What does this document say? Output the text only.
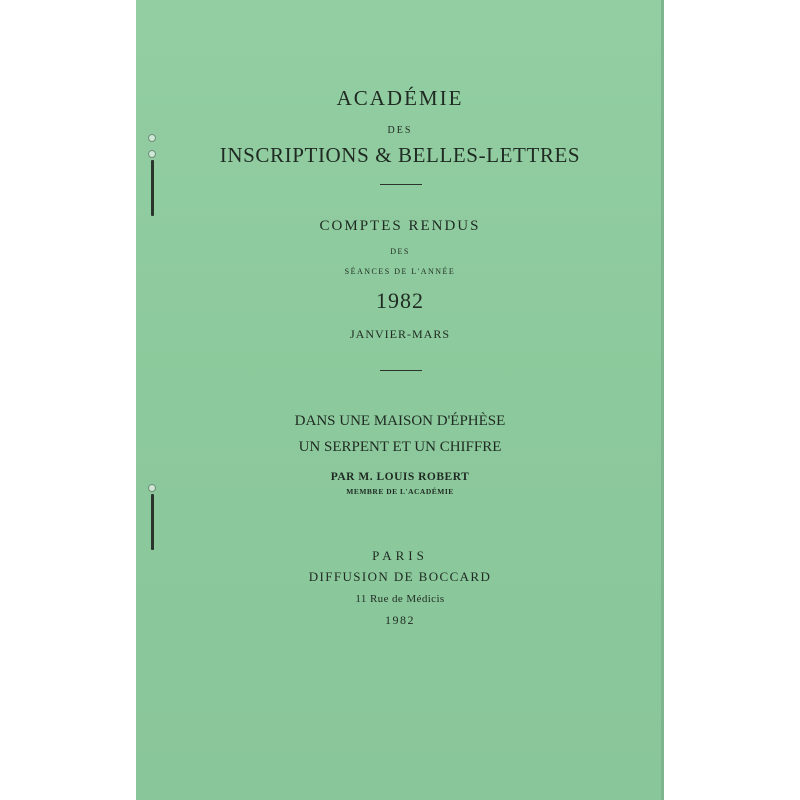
ACADÉMIE
DES
INSCRIPTIONS & BELLES-LETTRES
COMPTES RENDUS
DES
SÉANCES DE L'ANNÉE
1982
JANVIER-MARS
DANS UNE MAISON D'ÉPHÈSE
UN SERPENT ET UN CHIFFRE
PAR M. LOUIS ROBERT
MEMBRE DE L'ACADÉMIE
PARIS
DIFFUSION DE BOCCARD
11 Rue de Médicis
1982
